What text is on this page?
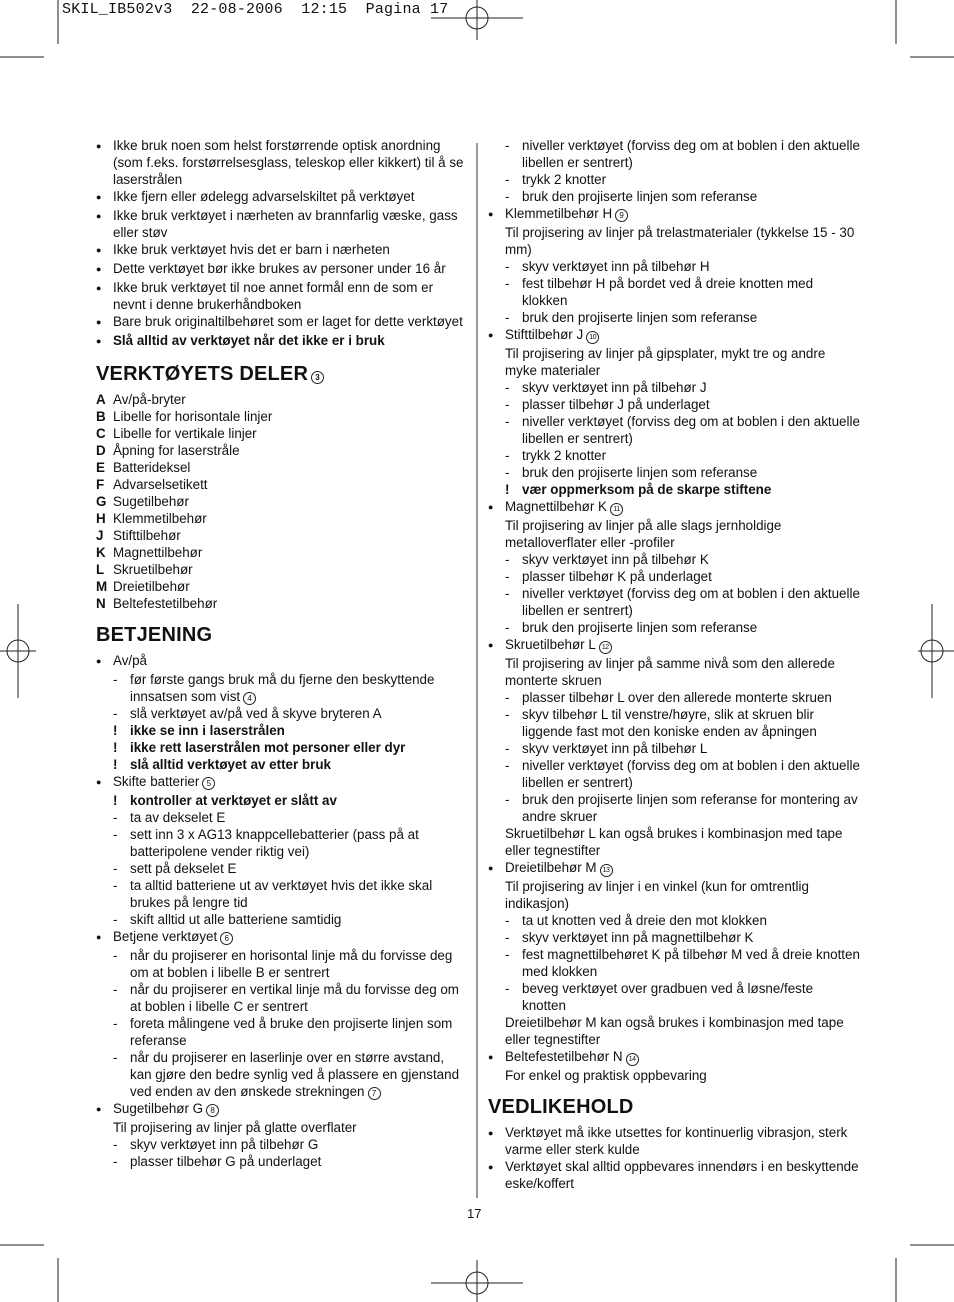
SKIL_IB502v3  22-08-2006  12:15  Pagina 17
●
Ikke bruk noen som helst forstørrende optisk anordning (som f.eks. forstørrelsesglass, teleskop eller kikkert) til å se laserstrålen
●
Ikke fjern eller ødelegg advarselskiltet på verktøyet
●
Ikke bruk verktøyet i nærheten av brannfarlig væske, gass eller støv
●
Ikke bruk verktøyet hvis det er barn i nærheten
●
Dette verktøyet bør ikke brukes av personer under 16 år
●
Ikke bruk verktøyet til noe annet formål enn de som er nevnt i denne brukerhåndboken
●
Bare bruk originaltilbehøret som er laget for dette verktøyet
●
Slå alltid av verktøyet når det ikke er i bruk
VERKTØYETS DELER 3
A Av/på-bryter
B Libelle for horisontale linjer
C Libelle for vertikale linjer
D Åpning for laserstråle
E Batterideksel
F Advarselsetikett
G Sugetilbehør
H Klemmetilbehør
J Stifttilbehør
K Magnettilbehør
L Skruetilbehør
M Dreietilbehør
N Beltefestetilbehør
BETJENING
●
Av/på
- før første gangs bruk må du fjerne den beskyttende innsatsen som vist 4
- slå verktøyet av/på ved å skyve bryteren A
! ikke se inn i laserstrålen
! ikke rett laserstrålen mot personer eller dyr
! slå alltid verktøyet av etter bruk
●
Skifte batterier 5
! kontroller at verktøyet er slått av
- ta av dekselet E
- sett inn 3 x AG13 knappcellebatterier (pass på at batteripolene vender riktig vei)
- sett på dekselet E
- ta alltid batteriene ut av verktøyet hvis det ikke skal brukes på lengre tid
- skift alltid ut alle batteriene samtidig
●
Betjene verktøyet 6
- når du projiserer en horisontal linje må du forvisse deg om at boblen i libelle B er sentrert
- når du projiserer en vertikal linje må du forvisse deg om at boblen i libelle C er sentrert
- foreta målingene ved å bruke den projiserte linjen som referanse
- når du projiserer en laserlinje over en større avstand, kan gjøre den bedre synlig ved å plassere en gjenstand ved enden av den ønskede strekningen 7
●
Sugetilbehør G 8
Til projisering av linjer på glatte overflater
- skyv verktøyet inn på tilbehør G
- plasser tilbehør G på underlaget
- niveller verktøyet (forviss deg om at boblen i den aktuelle libellen er sentrert)
- trykk 2 knotter
- bruk den projiserte linjen som referanse
●
Klemmetilbehør H 9
Til projisering av linjer på trelastmaterialer (tykkelse 15 - 30 mm)
- skyv verktøyet inn på tilbehør H
- fest tilbehør H på bordet ved å dreie knotten med klokken
- bruk den projiserte linjen som referanse
●
Stifttilbehør J 10
Til projisering av linjer på gipsplater, mykt tre og andre myke materialer
- skyv verktøyet inn på tilbehør J
- plasser tilbehør J på underlaget
- niveller verktøyet (forviss deg om at boblen i den aktuelle libellen er sentrert)
- trykk 2 knotter
- bruk den projiserte linjen som referanse
! vær oppmerksom på de skarpe stiftene
●
Magnettilbehør K 11
Til projisering av linjer på alle slags jernholdige metalloverflater eller -profiler
- skyv verktøyet inn på tilbehør K
- plasser tilbehør K på underlaget
- niveller verktøyet (forviss deg om at boblen i den aktuelle libellen er sentrert)
- bruk den projiserte linjen som referanse
●
Skruetilbehør L 12
Til projisering av linjer på samme nivå som den allerede monterte skruen
- plasser tilbehør L over den allerede monterte skruen
- skyv tilbehør L til venstre/høyre, slik at skruen blir liggende fast mot den koniske enden av åpningen
- skyv verktøyet inn på tilbehør L
- niveller verktøyet (forviss deg om at boblen i den aktuelle libellen er sentrert)
- bruk den projiserte linjen som referanse for montering av andre skruer
Skruetilbehør L kan også brukes i kombinasjon med tape eller tegnestifter
●
Dreietilbehør M 13
Til projisering av linjer i en vinkel (kun for omtrentlig indikasjon)
- ta ut knotten ved å dreie den mot klokken
- skyv verktøyet inn på magnettilbehør K
- fest magnettilbehøret K på tilbehør M ved å dreie knotten med klokken
- beveg verktøyet over gradbuen ved å løsne/feste knotten
Dreietilbehør M kan også brukes i kombinasjon med tape eller tegnestifter
●
Beltefestetilbehør N 14
For enkel og praktisk oppbevaring
VEDLIKEHOLD
●
Verktøyet må ikke utsettes for kontinuerlig vibrasjon, sterk varme eller sterk kulde
●
Verktøyet skal alltid oppbevares innendørs i en beskyttende eske/koffert
17
